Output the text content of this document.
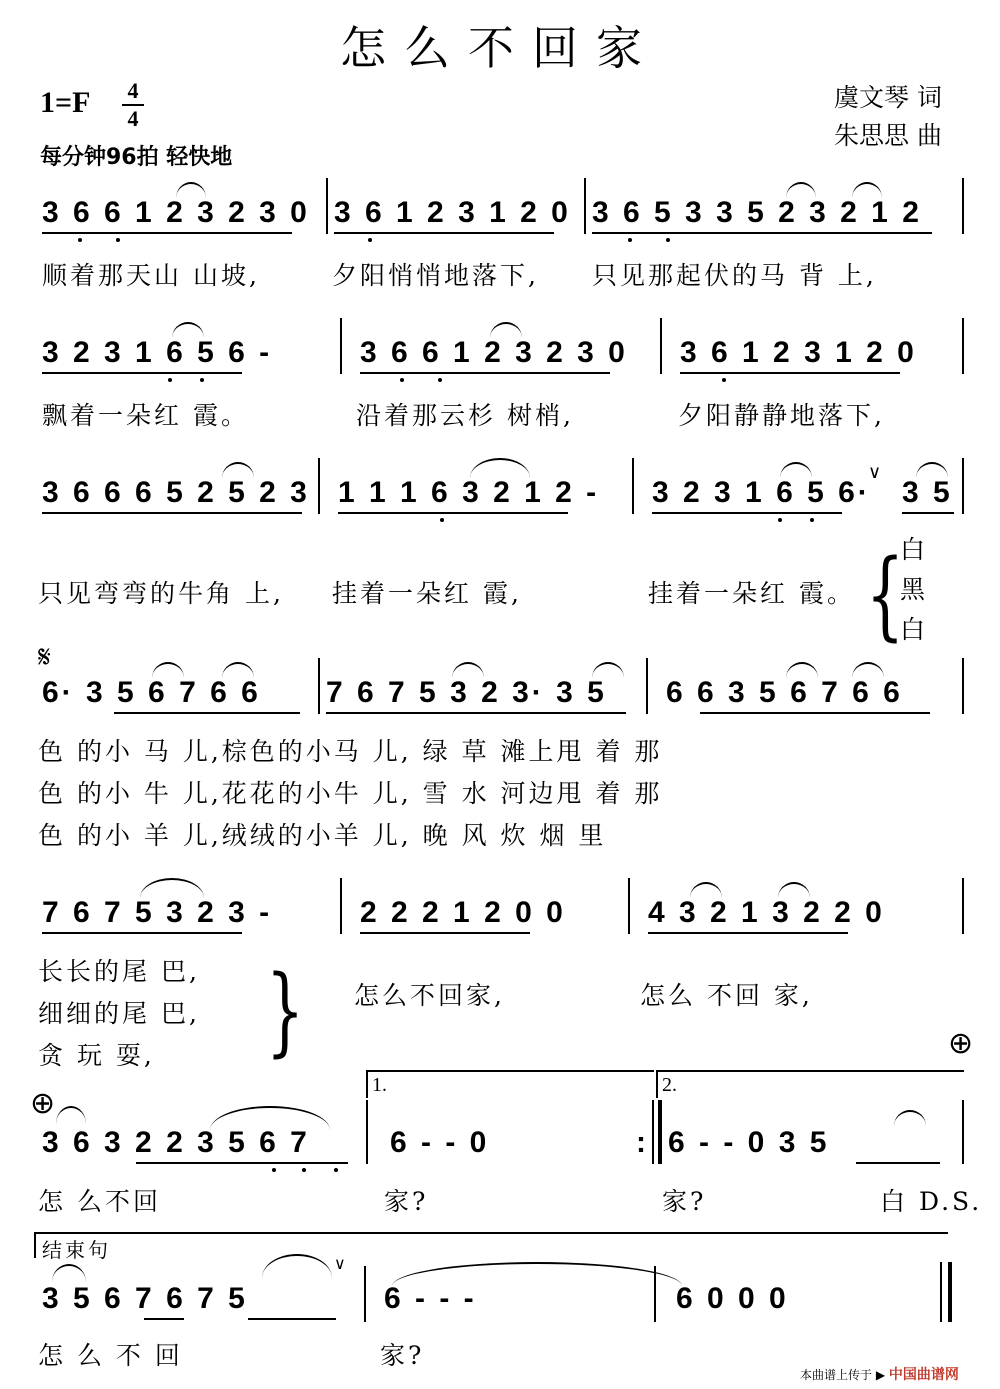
怎么不回家
1=F	4
4
每分钟96拍 轻快地
虞文琴 词
朱思思 曲
3 6 6 1 2 3 2 3 0 3 6 1 2 3 1 2 0 3 6 5 3 3 5 2 3 2 1 2
顺着那天山 山坡,	夕阳悄悄地落下, 只见那起伏的马 背 上,
3 2 3 1 6 5 6 -	3 6 6 1 2 3 2 3 0 3 6 1 2 3 1 2 0
飘着一朵红 霞。	沿着那云杉 树梢,	夕阳静静地落下,
3 6 6 6 5 2 5 2 3 1 1 1 6 3 2 1 2 - 3 2 3 1 6 5 6·
∨
3 5
只见弯弯的牛角 上, 挂着一朵红 霞,	挂着一朵红 霞。 {
白
黑
白
𝄋
6· 3 5 6 7 6 6 7 6 7 5 3 2 3· 3 5 6 6 3 5 6 7 6 6
色 的小 马 儿,棕色的小马 儿, 绿 草 滩上甩 着 那
色 的小 牛 儿,花花的小牛 儿, 雪 水 河边甩 着 那
色 的小 羊 儿,绒绒的小羊 儿, 晚 风 炊 烟 里
7 6 7 5 3 2 3 -	2 2 2 1 2 0 0	4 3 2 1 3 2 2 0
长长的尾 巴,
细细的尾 巴,
贪 玩 耍, } 怎么不回家,	怎么 不回 家,
⊕
⊕
1.	2.
3 6 3 2 2 3 5 6 7	6 - - 0	: 6 - - 0 3 5
怎 么不回	家?	家?	白 D.S.
结束句
3 5 6 7 6 7 5
∨
6 - - -	6 0 0 0
怎 么 不 回	家?
本曲谱上传于 ▶ 中国曲谱网
